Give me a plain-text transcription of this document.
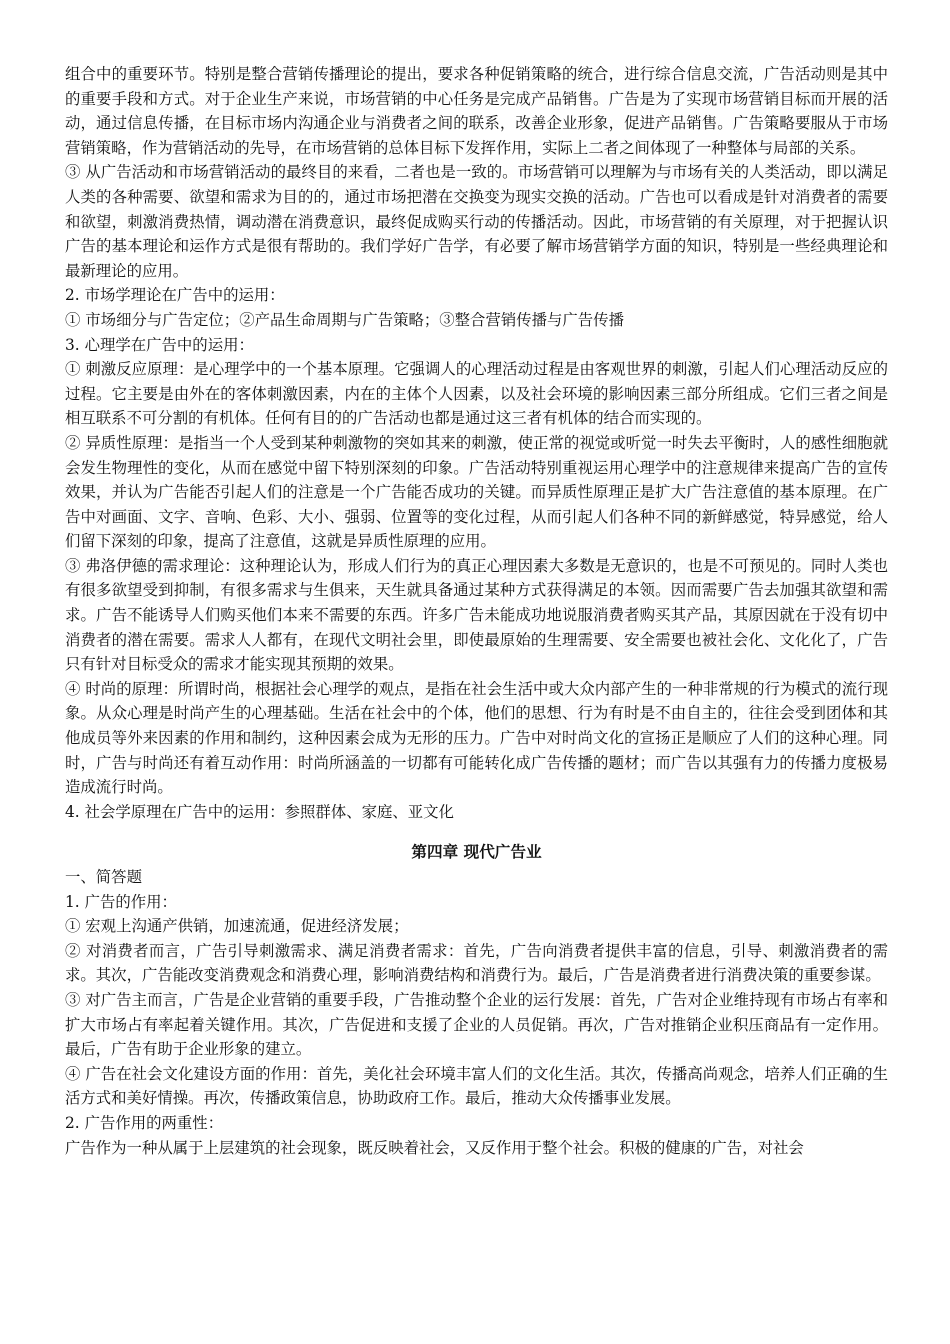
组合中的重要环节。特别是整合营销传播理论的提出，要求各种促销策略的统合，进行综合信息交流，广告活动则是其中的重要手段和方式。对于企业生产来说，市场营销的中心任务是完成产品销售。广告是为了实现市场营销目标而开展的活动，通过信息传播，在目标市场内沟通企业与消费者之间的联系，改善企业形象，促进产品销售。广告策略要服从于市场营销策略，作为营销活动的先导，在市场营销的总体目标下发挥作用，实际上二者之间体现了一种整体与局部的关系。

③ 从广告活动和市场营销活动的最终目的来看，二者也是一致的。市场营销可以理解为与市场有关的人类活动，即以满足人类的各种需要、欲望和需求为目的的，通过市场把潜在交换变为现实交换的活动。广告也可以看成是针对消费者的需要和欲望，刺激消费热情，调动潜在消费意识，最终促成购买行动的传播活动。因此，市场营销的有关原理，对于把握认识广告的基本理论和运作方式是很有帮助的。我们学好广告学，有必要了解市场营销学方面的知识，特别是一些经典理论和最新理论的应用。

2. 市场学理论在广告中的运用：

① 市场细分与广告定位；②产品生命周期与广告策略；③整合营销传播与广告传播

3. 心理学在广告中的运用：

① 刺激反应原理：是心理学中的一个基本原理。它强调人的心理活动过程是由客观世界的刺激，引起人们心理活动反应的过程。它主要是由外在的客体刺激因素，内在的主体个人因素，以及社会环境的影响因素三部分所组成。它们三者之间是相互联系不可分割的有机体。任何有目的的广告活动也都是通过这三者有机体的结合而实现的。

② 异质性原理：是指当一个人受到某种刺激物的突如其来的刺激，使正常的视觉或听觉一时失去平衡时，人的感性细胞就会发生物理性的变化，从而在感觉中留下特别深刻的印象。广告活动特别重视运用心理学中的注意规律来提高广告的宣传效果，并认为广告能否引起人们的注意是一个广告能否成功的关键。而异质性原理正是扩大广告注意值的基本原理。在广告中对画面、文字、音响、色彩、大小、强弱、位置等的变化过程，从而引起人们各种不同的新鲜感觉，特异感觉，给人们留下深刻的印象，提高了注意值，这就是异质性原理的应用。

③ 弗洛伊德的需求理论：这种理论认为，形成人们行为的真正心理因素大多数是无意识的，也是不可预见的。同时人类也有很多欲望受到抑制，有很多需求与生俱来，天生就具备通过某种方式获得满足的本领。因而需要广告去加强其欲望和需求。广告不能诱导人们购买他们本来不需要的东西。许多广告未能成功地说服消费者购买其产品，其原因就在于没有切中消费者的潜在需要。需求人人都有，在现代文明社会里，即使最原始的生理需要、安全需要也被社会化、文化化了，广告只有针对目标受众的需求才能实现其预期的效果。

④ 时尚的原理：所谓时尚，根据社会心理学的观点，是指在社会生活中或大众内部产生的一种非常规的行为模式的流行现象。从众心理是时尚产生的心理基础。生活在社会中的个体，他们的思想、行为有时是不由自主的，往往会受到团体和其他成员等外来因素的作用和制约，这种因素会成为无形的压力。广告中对时尚文化的宣扬正是顺应了人们的这种心理。同时，广告与时尚还有着互动作用：时尚所涵盖的一切都有可能转化成广告传播的题材；而广告以其强有力的传播力度极易造成流行时尚。

4. 社会学原理在广告中的运用：参照群体、家庭、亚文化

第四章 现代广告业

一、简答题

1. 广告的作用：

① 宏观上沟通产供销，加速流通，促进经济发展；

② 对消费者而言，广告引导刺激需求、满足消费者需求：首先，广告向消费者提供丰富的信息，引导、刺激消费者的需求。其次，广告能改变消费观念和消费心理，影响消费结构和消费行为。最后，广告是消费者进行消费决策的重要参谋。

③ 对广告主而言，广告是企业营销的重要手段，广告推动整个企业的运行发展：首先，广告对企业维持现有市场占有率和扩大市场占有率起着关键作用。其次，广告促进和支援了企业的人员促销。再次，广告对推销企业积压商品有一定作用。最后，广告有助于企业形象的建立。

④ 广告在社会文化建设方面的作用：首先，美化社会环境丰富人们的文化生活。其次，传播高尚观念，培养人们正确的生活方式和美好情操。再次，传播政策信息，协助政府工作。最后，推动大众传播事业发展。

2. 广告作用的两重性：

广告作为一种从属于上层建筑的社会现象，既反映着社会，又反作用于整个社会。积极的健康的广告，对社会
